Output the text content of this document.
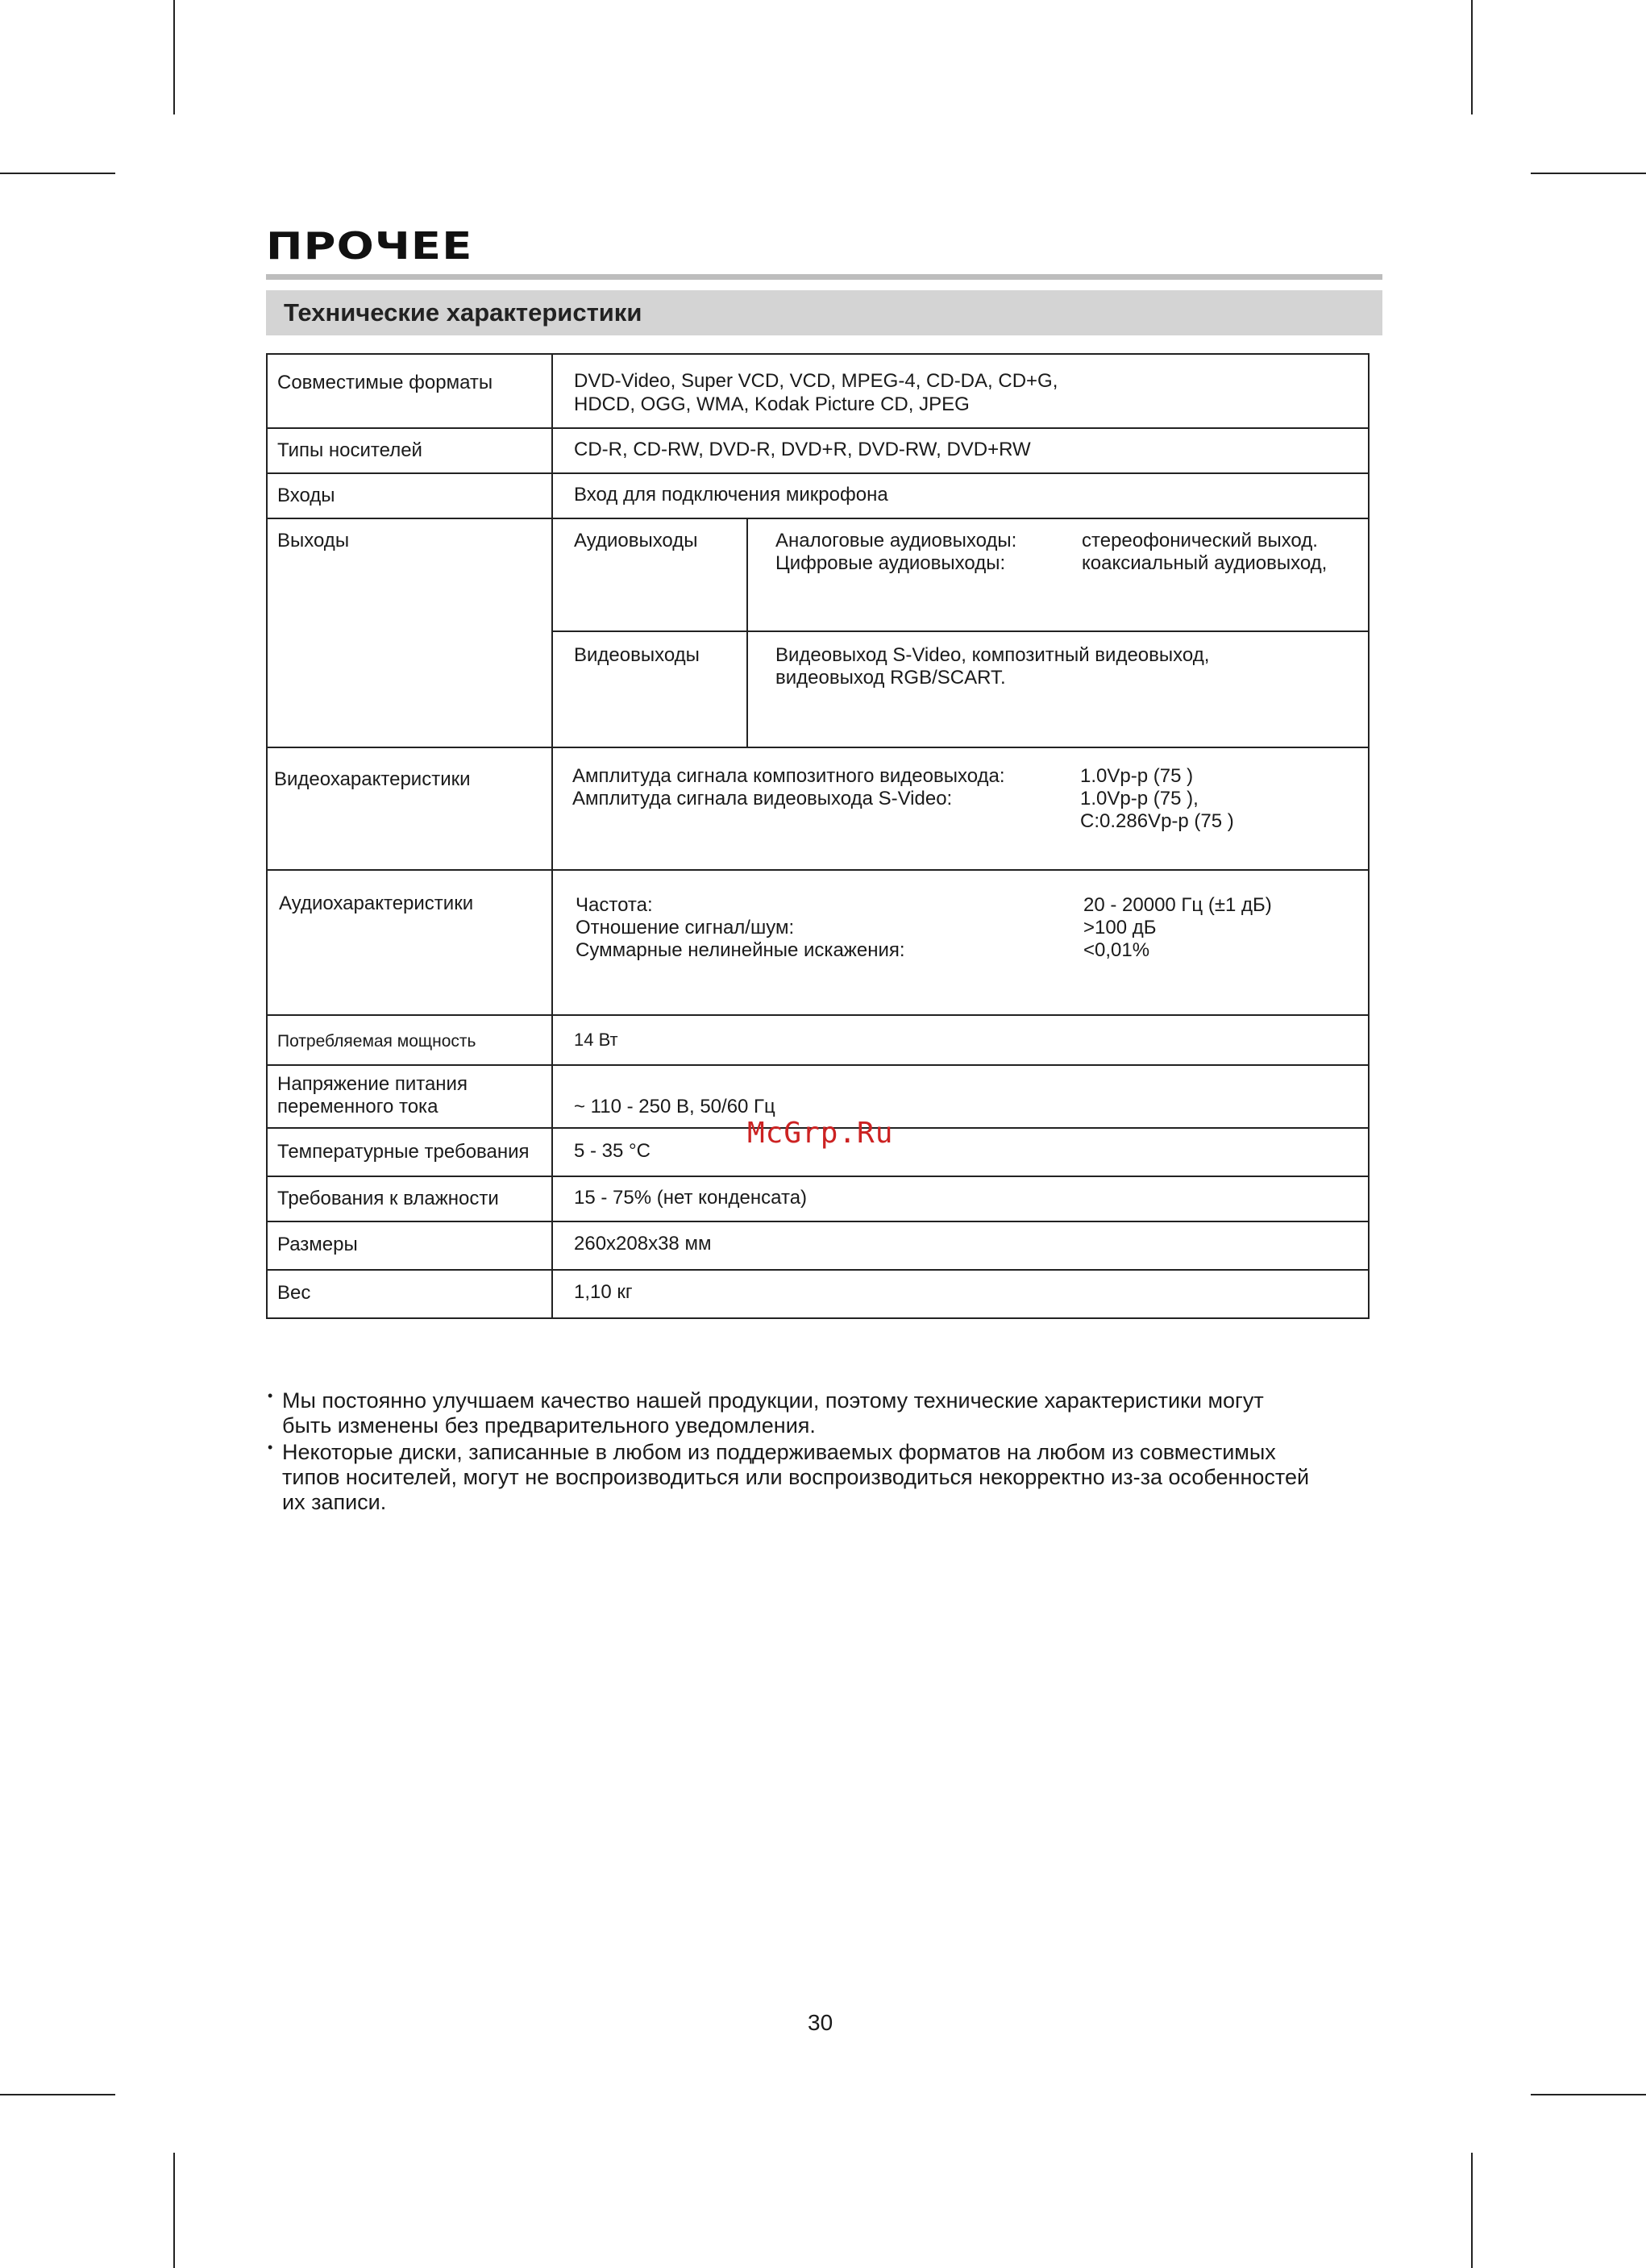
ПРОЧЕЕ
Технические характеристики
Совместимые форматы	DVD-Video, Super VCD, VCD, MPEG-4, CD-DA, CD+G,
HDCD, OGG, WMA, Kodak Picture CD, JPEG
Типы носителей	CD-R, CD-RW, DVD-R, DVD+R, DVD-RW, DVD+RW
Входы	Вход для подключения микрофона
Выходы	Аудиовыходы	Аналоговые аудиовыходы:	стереофонический выход.
Цифровые аудиовыходы:	коаксиальный аудиовыход,
Видеовыходы	Видеовыход S-Video, композитный видеовыход,
видеовыход RGB/SCART.
Видеохарактеристики	Амплитуда сигнала композитного видеовыхода:	1.0Vp-p (75 )
Амплитуда сигнала видеовыхода S-Video:	1.0Vp-p (75 ),
C:0.286Vp-p (75 )
Аудиохарактеристики	Частота:	20 - 20000 Гц (±1 дБ)
Отношение сигнал/шум:	>100 дБ
Суммарные нелинейные искажения:	<0,01%
Потребляемая мощность	14 Вт
Напряжение питания
переменного тока	~ 110 - 250 В, 50/60 Гц
Температурные требования 5 - 35 °C
Требования к влажности	15 - 75% (нет конденсата)
Размеры	260x208x38 мм
Вес	1,10 кг
McGrp.Ru
• Мы постоянно улучшаем качество нашей продукции, поэтому технические характеристики могут
быть изменены без предварительного уведомления.
• Некоторые диски, записанные в любом из поддерживаемых форматов на любом из совместимых
типов носителей, могут не воспроизводиться или воспроизводиться некорректно из-за особенностей
их записи.
30
